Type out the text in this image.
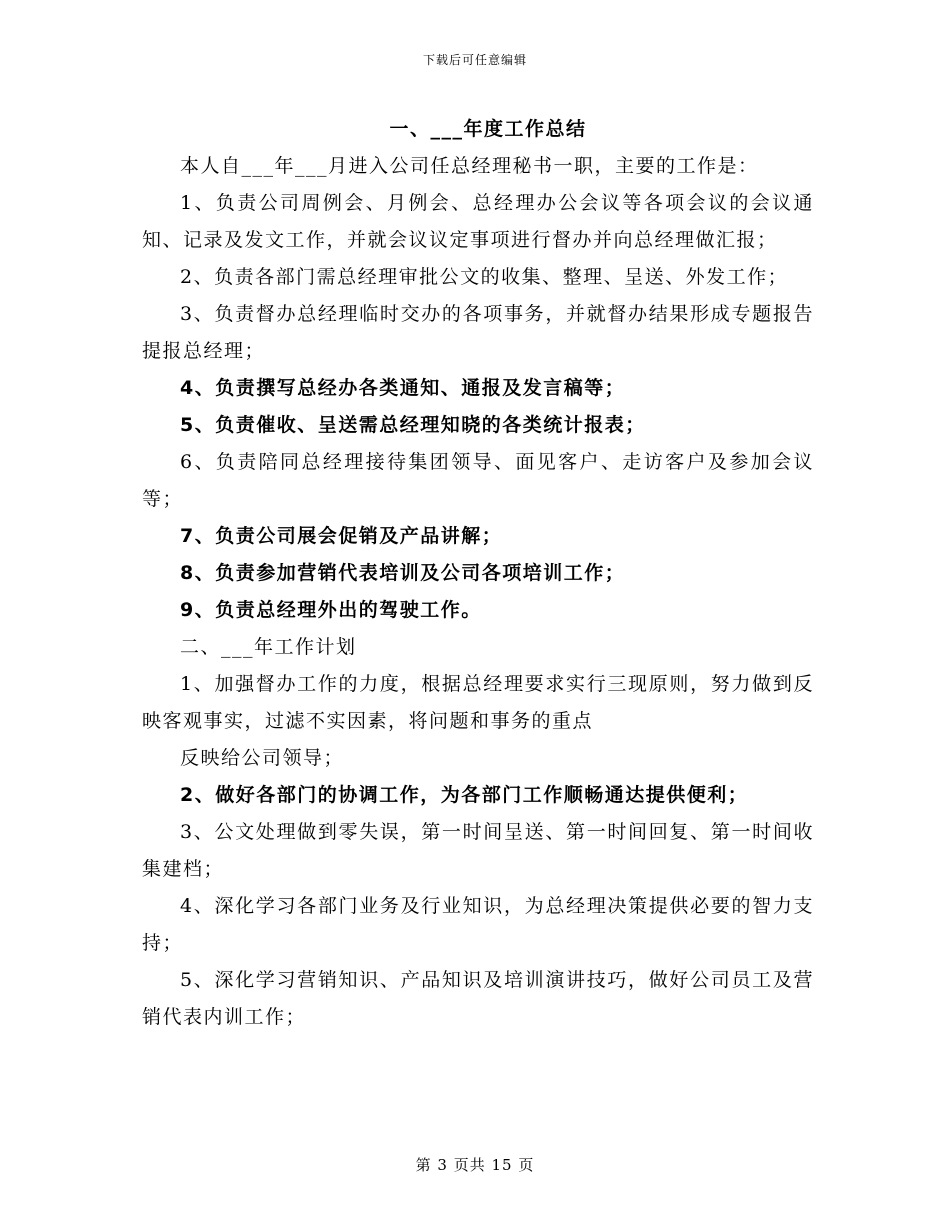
下载后可任意编辑

一、___年度工作总结

本人自___年___月进入公司任总经理秘书一职，主要的工作是：

1、负责公司周例会、月例会、总经理办公会议等各项会议的会议通知、记录及发文工作，并就会议议定事项进行督办并向总经理做汇报；

2、负责各部门需总经理审批公文的收集、整理、呈送、外发工作；

3、负责督办总经理临时交办的各项事务，并就督办结果形成专题报告提报总经理；

4、负责撰写总经办各类通知、通报及发言稿等；

5、负责催收、呈送需总经理知晓的各类统计报表；

6、负责陪同总经理接待集团领导、面见客户、走访客户及参加会议等；

7、负责公司展会促销及产品讲解；

8、负责参加营销代表培训及公司各项培训工作；

9、负责总经理外出的驾驶工作。

二、___年工作计划

1、加强督办工作的力度，根据总经理要求实行三现原则，努力做到反映客观事实，过滤不实因素，将问题和事务的重点

反映给公司领导；

2、做好各部门的协调工作，为各部门工作顺畅通达提供便利；

3、公文处理做到零失误，第一时间呈送、第一时间回复、第一时间收集建档；

4、深化学习各部门业务及行业知识，为总经理决策提供必要的智力支持；

5、深化学习营销知识、产品知识及培训演讲技巧，做好公司员工及营销代表内训工作；

第 3 页共 15 页
